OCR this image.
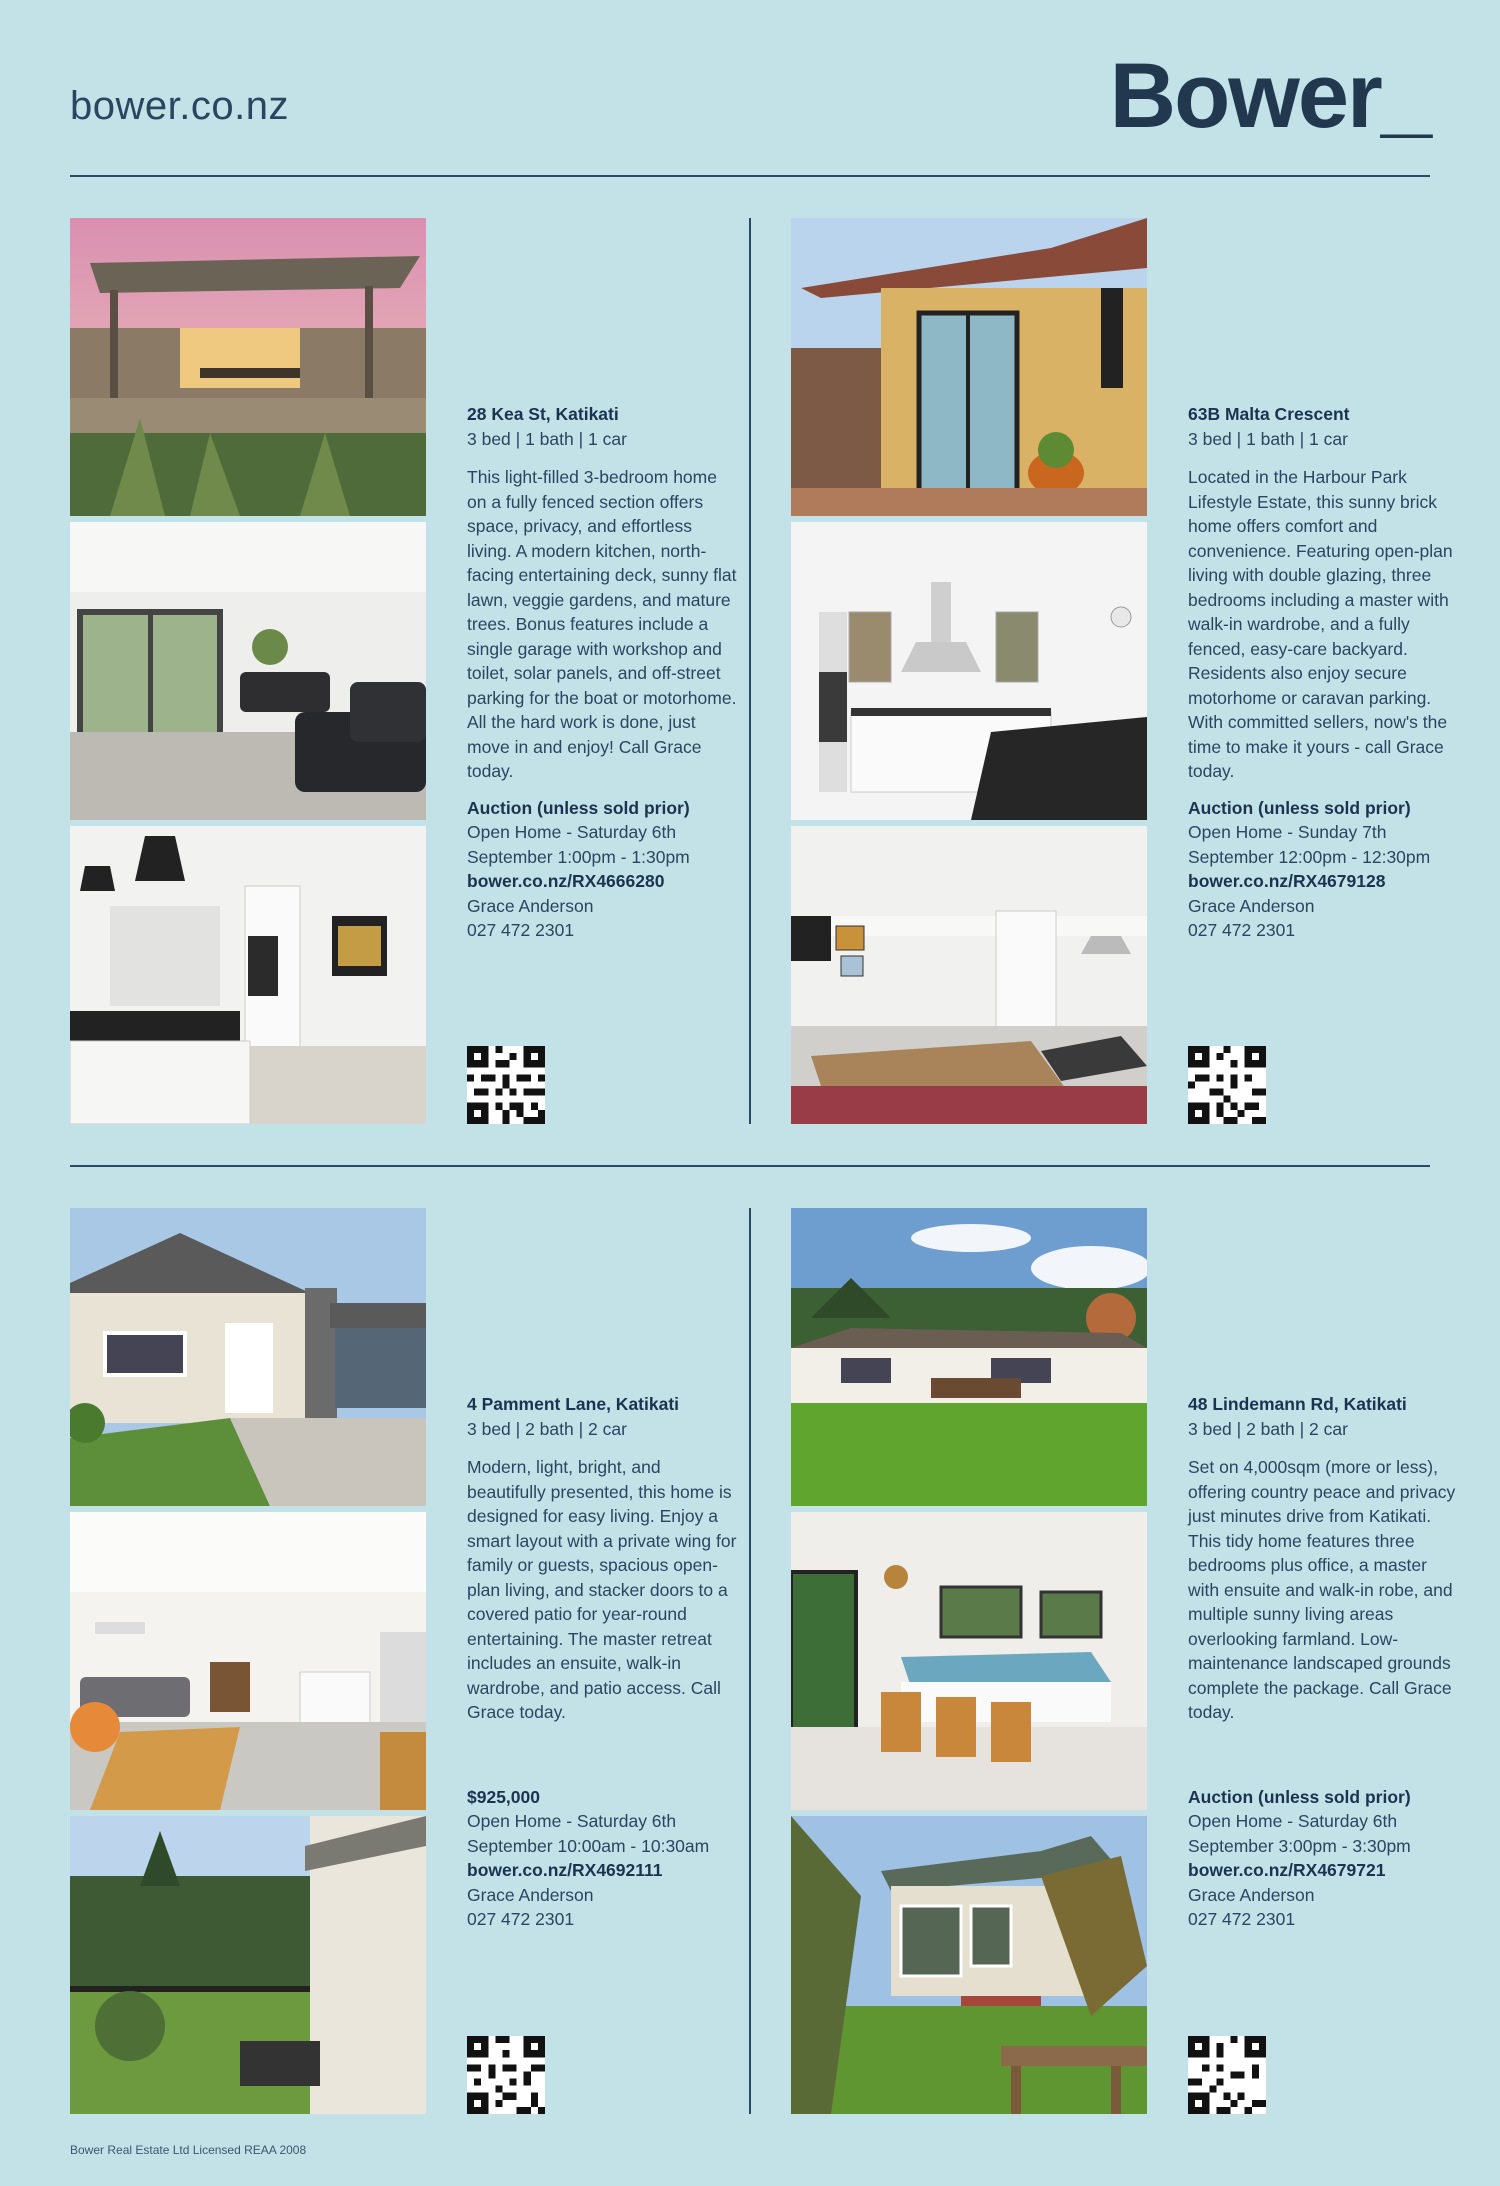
bower.co.nz	Bower_
28 Kea St, Katikati
3 bed | 1 bath | 1 car
This light-filled 3-bedroom home on a fully fenced section offers space, privacy, and effortless living. A modern kitchen, north-facing entertaining deck, sunny flat lawn, veggie gardens, and mature trees. Bonus features include a single garage with workshop and toilet, solar panels, and off-street parking for the boat or motorhome. All the hard work is done, just move in and enjoy! Call Grace today.
Auction (unless sold prior)
Open Home - Saturday 6th September 1:00pm - 1:30pm
bower.co.nz/RX4666280
Grace Anderson
027 472 2301
63B Malta Crescent
3 bed | 1 bath | 1 car
Located in the Harbour Park Lifestyle Estate, this sunny brick home offers comfort and convenience. Featuring open-plan living with double glazing, three bedrooms including a master with walk-in wardrobe, and a fully fenced, easy-care backyard. Residents also enjoy secure motorhome or caravan parking. With committed sellers, now's the time to make it yours - call Grace today.
Auction (unless sold prior)
Open Home - Sunday 7th September 12:00pm - 12:30pm
bower.co.nz/RX4679128
Grace Anderson
027 472 2301
4 Pamment Lane, Katikati
3 bed | 2 bath | 2 car
Modern, light, bright, and beautifully presented, this home is designed for easy living. Enjoy a smart layout with a private wing for family or guests, spacious open-plan living, and stacker doors to a covered patio for year-round entertaining. The master retreat includes an ensuite, walk-in wardrobe, and patio access. Call Grace today.
$925,000
Open Home - Saturday 6th September 10:00am - 10:30am
bower.co.nz/RX4692111
Grace Anderson
027 472 2301
48 Lindemann Rd, Katikati
3 bed | 2 bath | 2 car
Set on 4,000sqm (more or less), offering country peace and privacy just minutes drive from Katikati. This tidy home features three bedrooms plus office, a master with ensuite and walk-in robe, and multiple sunny living areas overlooking farmland. Low-maintenance landscaped grounds complete the package. Call Grace today.
Auction (unless sold prior)
Open Home - Saturday 6th September 3:00pm - 3:30pm
bower.co.nz/RX4679721
Grace Anderson
027 472 2301
Bower Real Estate Ltd Licensed REAA 2008
